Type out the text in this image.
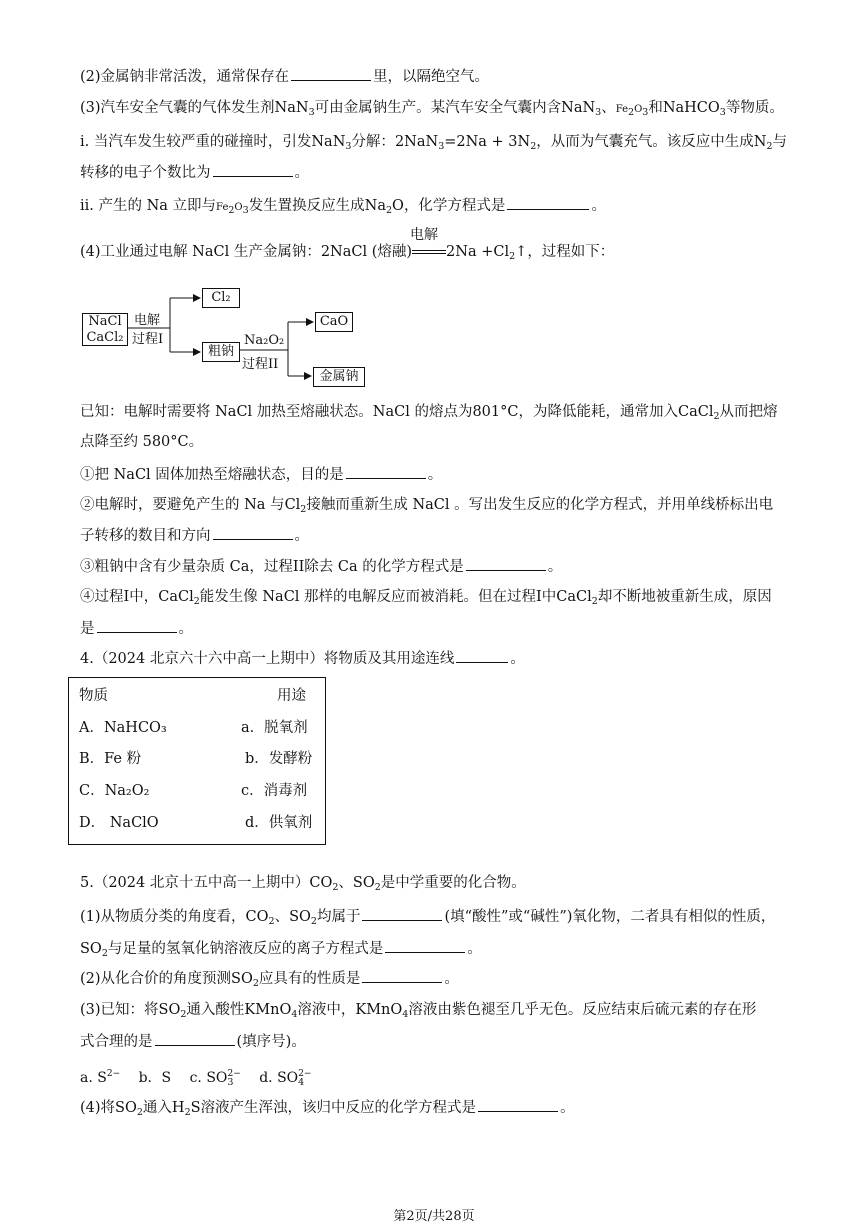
(2)金属钠非常活泼，通常保存在	里，以隔绝空气。
(3)汽车安全气囊的气体发生剂NaN$_3$可由金属钠生产。某汽车安全气囊内含NaN$_3$、$Fe_2O_3$和NaHCO$_3$等物质。
i. 当汽车发生较严重的碰撞时，引发NaN$_3$分解：$2NaN_3=2Na + 3N_2$，从而为气囊充气。该反应中生成$N_2$与
转移的电子个数比为	。
ii. 产生的 Na 立即与$Fe_2O_3$发生置换反应生成$Na_2O$，化学方程式是	。
(4)工业通过电解 NaCl 生产金属钠：2NaCl (熔融)
电解
$2Na +Cl_2↑$，过程如下：
NaCl
CaCl₂
电解
过程I
Cl₂
粗钠
Na₂O₂
过程II
CaO
金属钠
已知：电解时需要将 NaCl 加热至熔融状态。NaCl 的熔点为801°C，为降低能耗，通常加入CaCl$_2$从而把熔
点降至约 580°C。
①把 NaCl 固体加热至熔融状态，目的是	。
②电解时，要避免产生的 Na 与$Cl_2$接触而重新生成 NaCl 。写出发生反应的化学方程式，并用单线桥标出电
子转移的数目和方向	。
③粗钠中含有少量杂质 Ca，过程II除去 Ca 的化学方程式是	。
④过程I中，CaCl$_2$能发生像 NaCl 那样的电解反应而被消耗。但在过程I中CaCl$_2$却不断地被重新生成，原因
是	。
4.（2024 北京六十六中高一上期中）将物质及其用途连线	。
物质	用途
A．NaHCO₃	a．脱氧剂
B．Fe 粉	b．发酵粉
C．Na₂O₂	c．消毒剂
D． NaClO	d．供氧剂
5.（2024 北京十五中高一上期中）$CO_2$、$SO_2$是中学重要的化合物。
(1)从物质分类的角度看，$CO_2$、$SO_2$均属于	(填“酸性”或“碱性”)氧化物，二者具有相似的性质，
$SO_2$与足量的氢氧化钠溶液反应的离子方程式是	。
(2)从化合价的角度预测$SO_2$应具有的性质是	。
(3)已知：将$SO_2$通入酸性KMnO$_4$溶液中，KMnO$_4$溶液由紫色褪至几乎无色。反应结束后硫元素的存在形
式合理的是	(填序号)。
a. $S^{2-}$ b．S c. $SO_3^{2-}$ d. $SO_4^{2-}$
(4)将$SO_2$通入$H_2S$溶液产生浑浊，该归中反应的化学方程式是	。
第2页/共28页
